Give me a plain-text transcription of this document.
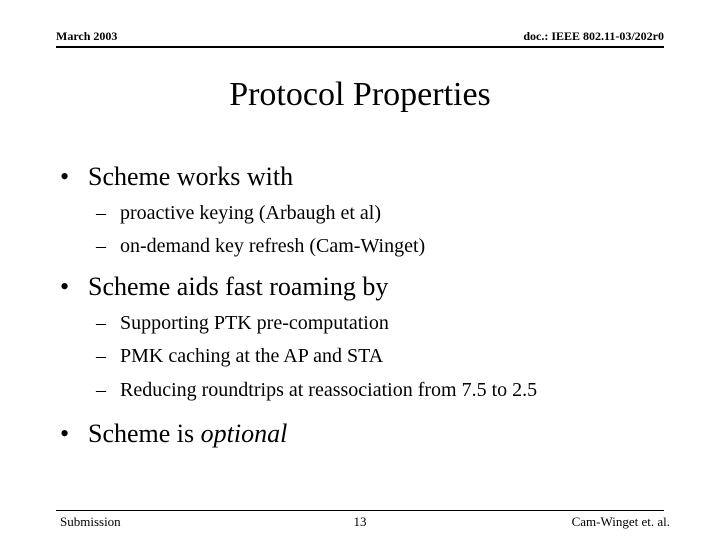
March 2003	doc.: IEEE 802.11-03/202r0
Protocol Properties
• Scheme works with
– proactive keying (Arbaugh et al)
– on-demand key refresh (Cam-Winget)
• Scheme aids fast roaming by
– Supporting PTK pre-computation
– PMK caching at the AP and STA
– Reducing roundtrips at reassociation from 7.5 to 2.5
• Scheme is optional
Submission	13	Cam-Winget et. al.
